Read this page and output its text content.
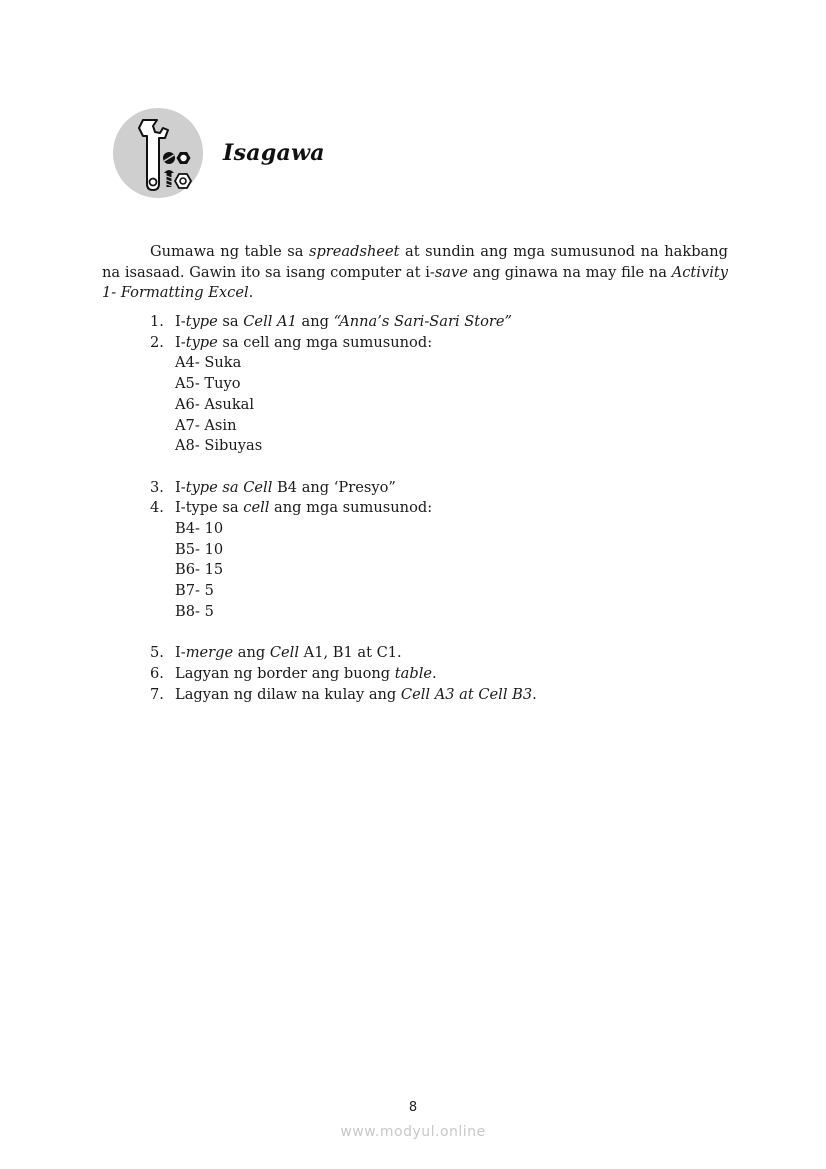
Isagawa
Gumawa ng table sa spreadsheet at sundin ang mga sumusunod na hakbang na isasaad. Gawin ito sa isang computer at i-save ang ginawa na may file na Activity 1- Formatting Excel.
1. I-type sa Cell A1 ang “Anna’s Sari-Sari Store”
2. I-type sa cell ang mga sumusunod:
A4- Suka
A5- Tuyo
A6- Asukal
A7- Asin
A8- Sibuyas
3. I-type sa Cell B4 ang ‘Presyo”
4. I-type sa cell ang mga sumusunod:
B4- 10
B5- 10
B6- 15
B7- 5
B8- 5
5. I-merge ang Cell A1, B1 at C1.
6. Lagyan ng border ang buong table.
7. Lagyan ng dilaw na kulay ang Cell A3 at Cell B3.
8
www.modyul.online
